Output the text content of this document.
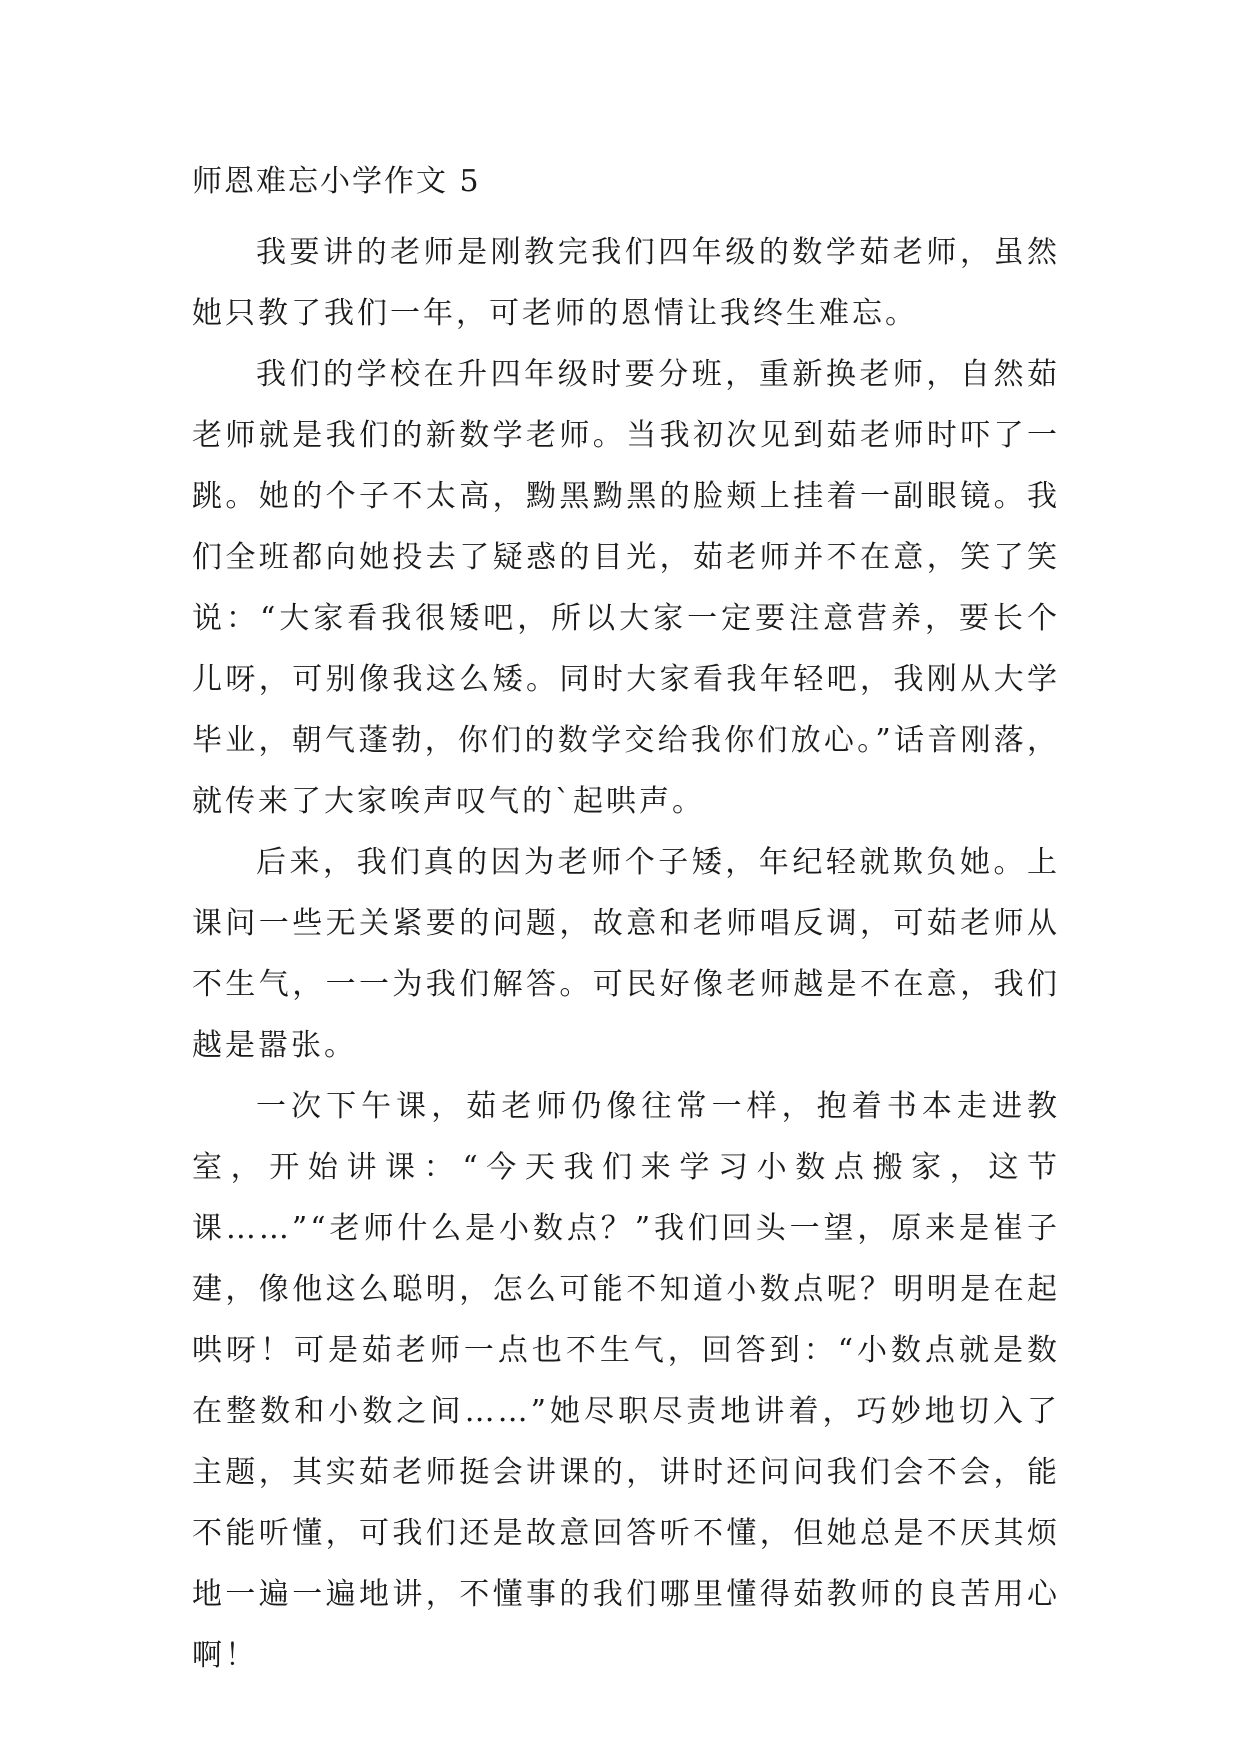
师恩难忘小学作文 5

我要讲的老师是刚教完我们四年级的数学茹老师，虽然她只教了我们一年，可老师的恩情让我终生难忘。

我们的学校在升四年级时要分班，重新换老师，自然茹老师就是我们的新数学老师。当我初次见到茹老师时吓了一跳。她的个子不太高，黝黑黝黑的脸颊上挂着一副眼镜。我们全班都向她投去了疑惑的目光，茹老师并不在意，笑了笑说：“大家看我很矮吧，所以大家一定要注意营养，要长个儿呀，可别像我这么矮。同时大家看我年轻吧，我刚从大学毕业，朝气蓬勃，你们的数学交给我你们放心。”话音刚落，就传来了大家唉声叹气的`起哄声。

后来，我们真的因为老师个子矮，年纪轻就欺负她。上课问一些无关紧要的问题，故意和老师唱反调，可茹老师从不生气，一一为我们解答。可民好像老师越是不在意，我们越是嚣张。

一次下午课，茹老师仍像往常一样，抱着书本走进教室，开始讲课：“今天我们来学习小数点搬家，这节课……”“老师什么是小数点？”我们回头一望，原来是崔子建，像他这么聪明，怎么可能不知道小数点呢？明明是在起哄呀！可是茹老师一点也不生气，回答到：“小数点就是数在整数和小数之间……”她尽职尽责地讲着，巧妙地切入了主题，其实茹老师挺会讲课的，讲时还问问我们会不会，能不能听懂，可我们还是故意回答听不懂，但她总是不厌其烦地一遍一遍地讲，不懂事的我们哪里懂得茹教师的良苦用心啊！
